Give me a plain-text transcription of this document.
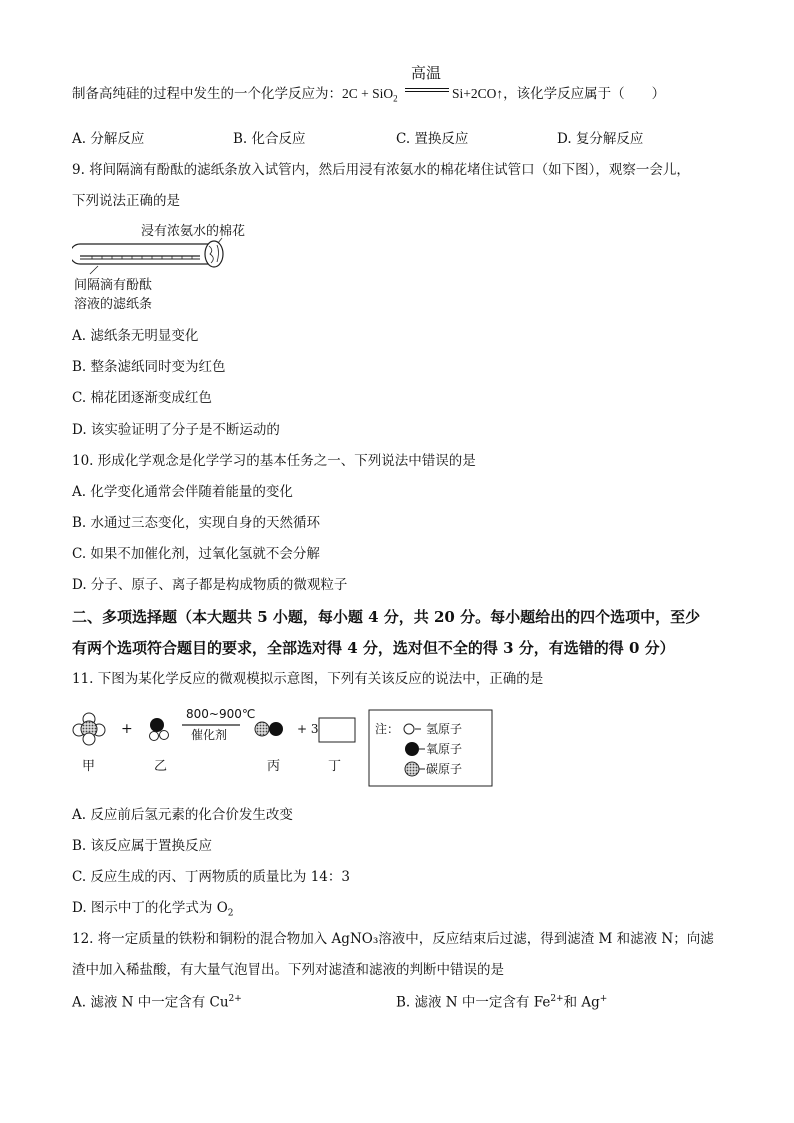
制备高纯硅的过程中发生的一个化学反应为：2C + SiO$_2$
高温
Si+2CO↑，该化学反应属于（　　）
A. 分解反应	B. 化合反应	C. 置换反应	D. 复分解反应
9. 将间隔滴有酚酞的滤纸条放入试管内，然后用浸有浓氨水的棉花堵住试管口（如下图），观察一会儿，
下列说法正确的是
浸有浓氨水的棉花
间隔滴有酚酞
溶液的滤纸条
A. 滤纸条无明显变化
B. 整条滤纸同时变为红色
C. 棉花团逐渐变成红色
D. 该实验证明了分子是不断运动的
10. 形成化学观念是化学学习的基本任务之一、下列说法中错误的是
A. 化学变化通常会伴随着能量的变化
B. 水通过三态变化，实现自身的天然循环
C. 如果不加催化剂，过氧化氢就不会分解
D. 分子、原子、离子都是构成物质的微观粒子
二、多项选择题（本大题共 5 小题，每小题 4 分，共 20 分。每小题给出的四个选项中，至少
有两个选项符合题目的要求，全部选对得 4 分，选对但不全的得 3 分，有选错的得 0 分）
11. 下图为某化学反应的微观模拟示意图，下列有关该反应的说法中，正确的是
+
800~900℃
催化剂	+ 3
甲	乙	丙	丁
注： 氢原子
氧原子
碳原子
A. 反应前后氢元素的化合价发生改变
B. 该反应属于置换反应
C. 反应生成的丙、丁两物质的质量比为 14：3
D. 图示中丁的化学式为 $O_2$
12. 将一定质量的铁粉和铜粉的混合物加入 AgNO₃溶液中，反应结束后过滤，得到滤渣 M 和滤液 N；向滤
渣中加入稀盐酸，有大量气泡冒出。下列对滤渣和滤液的判断中错误的是
A. 滤液 N 中一定含有 $Cu^{2+}$	B. 滤液 N 中一定含有 $Fe^{2+}$和 Ag+
